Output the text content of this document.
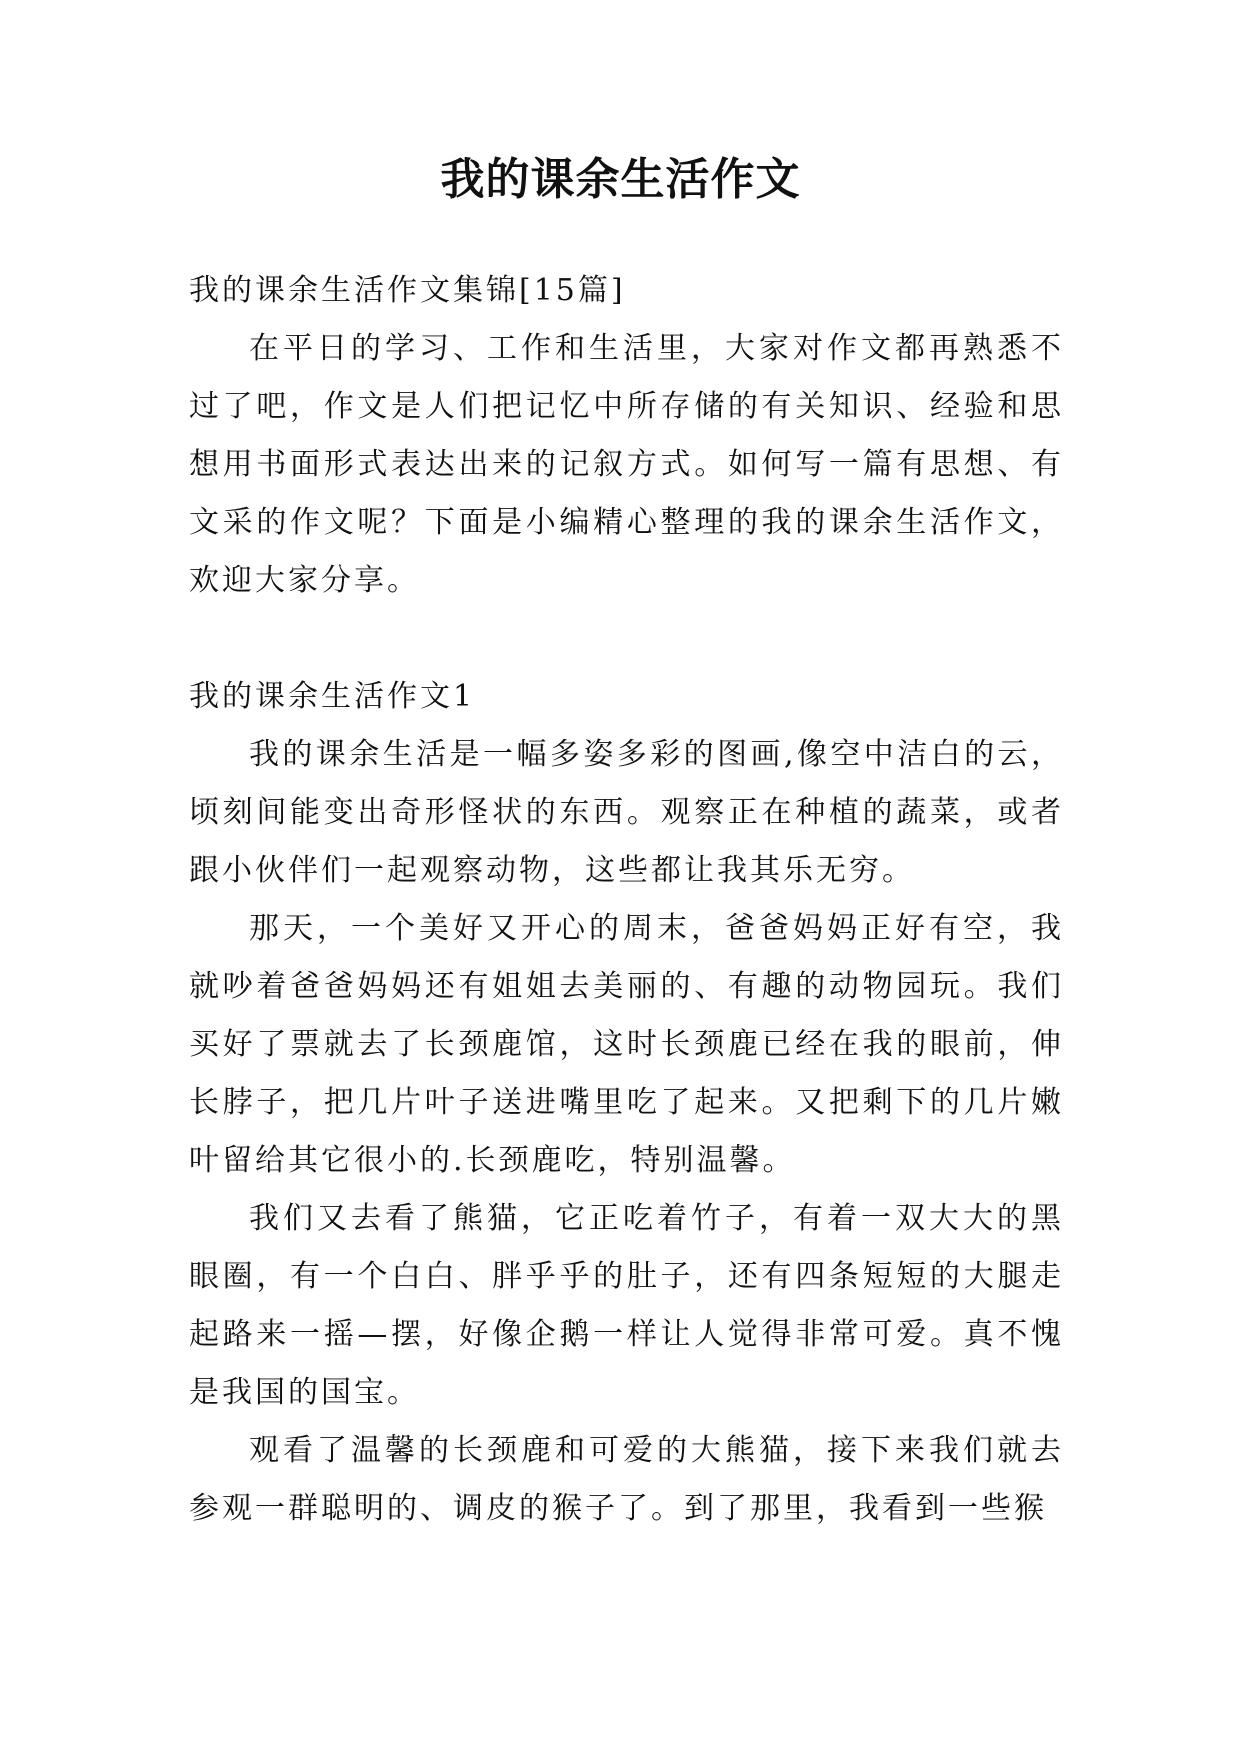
我的课余生活作文

我的课余生活作文集锦[15篇]

在平日的学习、工作和生活里，大家对作文都再熟悉不过了吧，作文是人们把记忆中所存储的有关知识、经验和思想用书面形式表达出来的记叙方式。如何写一篇有思想、有文采的作文呢？下面是小编精心整理的我的课余生活作文，欢迎大家分享。

我的课余生活作文1

我的课余生活是一幅多姿多彩的图画,像空中洁白的云，顷刻间能变出奇形怪状的东西。观察正在种植的蔬菜，或者跟小伙伴们一起观察动物，这些都让我其乐无穷。

那天，一个美好又开心的周末，爸爸妈妈正好有空，我就吵着爸爸妈妈还有姐姐去美丽的、有趣的动物园玩。我们买好了票就去了长颈鹿馆，这时长颈鹿已经在我的眼前，伸长脖子，把几片叶子送进嘴里吃了起来。又把剩下的几片嫩叶留给其它很小的.长颈鹿吃，特别温馨。

我们又去看了熊猫，它正吃着竹子，有着一双大大的黑眼圈，有一个白白、胖乎乎的肚子，还有四条短短的大腿走起路来一摇—摆，好像企鹅一样让人觉得非常可爱。真不愧是我国的国宝。

观看了温馨的长颈鹿和可爱的大熊猫，接下来我们就去参观一群聪明的、调皮的猴子了。到了那里，我看到一些猴
